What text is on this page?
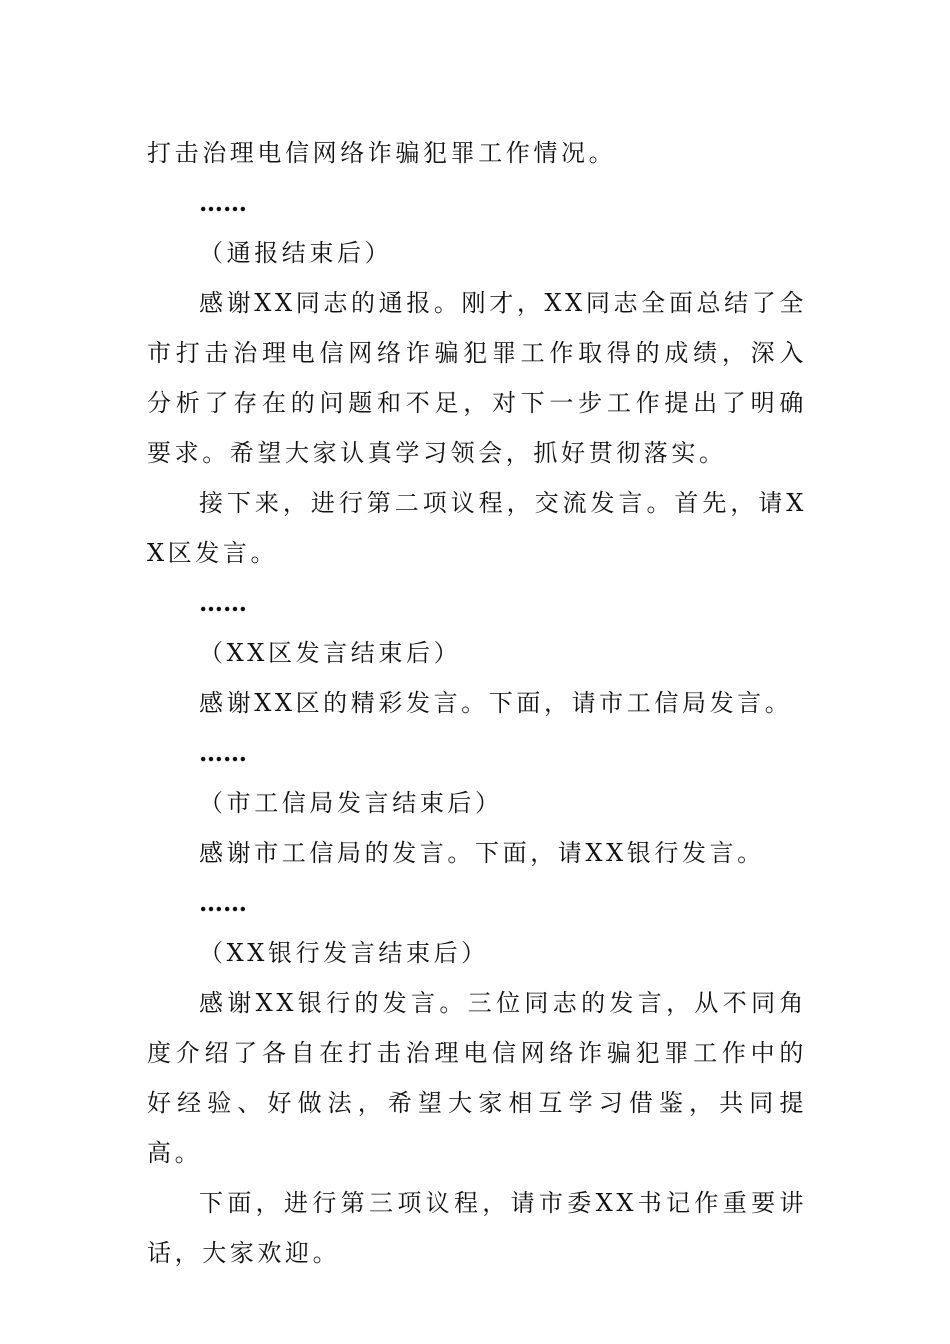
打击治理电信网络诈骗犯罪工作情况。

……

（通报结束后）

感谢XX同志的通报。刚才，XX同志全面总结了全市打击治理电信网络诈骗犯罪工作取得的成绩，深入分析了存在的问题和不足，对下一步工作提出了明确要求。希望大家认真学习领会，抓好贯彻落实。

接下来，进行第二项议程，交流发言。首先，请XX区发言。

……

（XX区发言结束后）

感谢XX区的精彩发言。下面，请市工信局发言。

……

（市工信局发言结束后）

感谢市工信局的发言。下面，请XX银行发言。

……

（XX银行发言结束后）

感谢XX银行的发言。三位同志的发言，从不同角度介绍了各自在打击治理电信网络诈骗犯罪工作中的好经验、好做法，希望大家相互学习借鉴，共同提高。

下面，进行第三项议程，请市委XX书记作重要讲话，大家欢迎。
